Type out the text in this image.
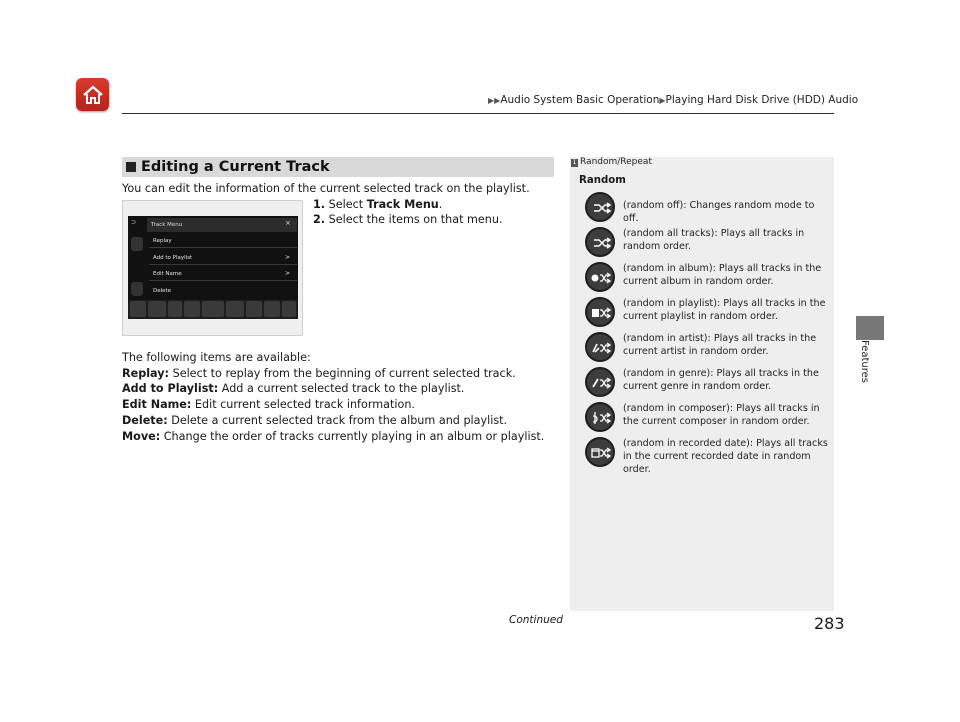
▶▶Audio System Basic Operation▶Playing Hard Disk Drive (HDD) Audio
Features
Editing a Current Track
You can edit the information of the current selected track on the playlist.
1. Select Track Menu.
2. Select the items on that menu.
⊃	Track Menu	×
Replay
Add to Playlist	>
Edit Name	>
Delete
The following items are available:
Replay: Select to replay from the beginning of current selected track.
Add to Playlist: Add a current selected track to the playlist.
Edit Name: Edit current selected track information.
Delete: Delete a current selected track from the album and playlist.
Move: Change the order of tracks currently playing in an album or playlist.
1 Random/Repeat
Random
(random off): Changes random mode to off.
(random all tracks): Plays all tracks in random order.
(random in album): Plays all tracks in the current album in random order.
(random in playlist): Plays all tracks in the current playlist in random order.
(random in artist): Plays all tracks in the current artist in random order.
(random in genre): Plays all tracks in the current genre in random order.
(random in composer): Plays all tracks in the current composer in random order.
(random in recorded date): Plays all tracks in the current recorded date in random order.
Continued	283
